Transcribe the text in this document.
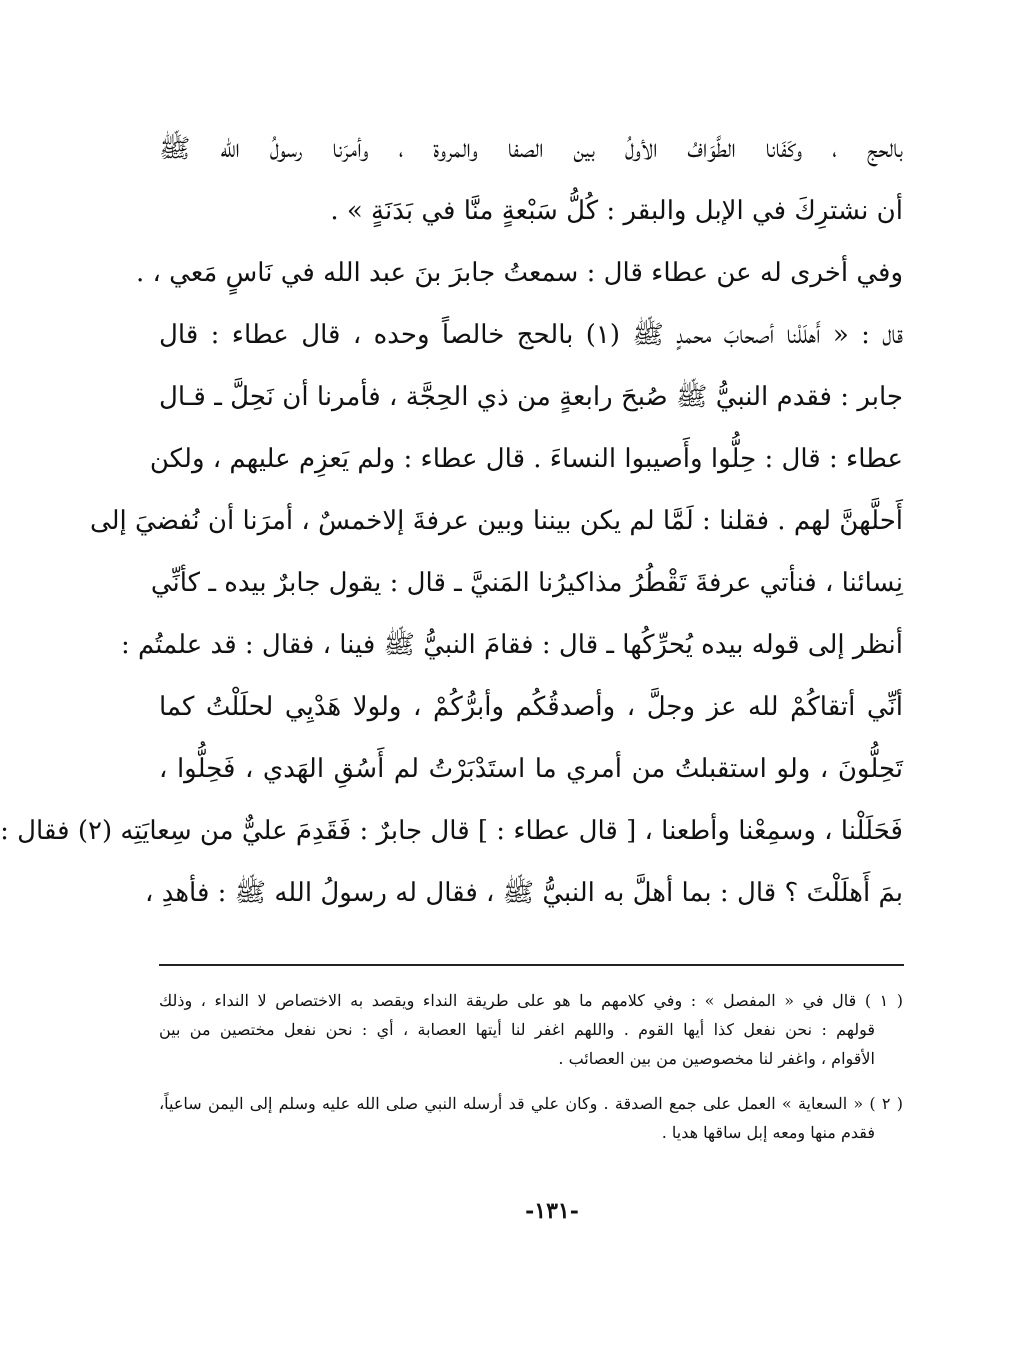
بالحج ، وكَفَانا الطَّوَافُ الأولُ بين الصفا والمروة ، وأمرَنا رسولُ الله ﷺ
أن نشترِكَ في الإبل والبقر : كُلُّ سَبْعةٍ منَّا في بَدَنَةٍ » .
وفي أخرى له عن عطاء قال : سمعتُ جابرَ بنَ عبد الله في نَاسٍ مَعي ، .
قال : « أَهلَلْنا أصحابَ محمدٍ ﷺ (١) بالحج خالصاً وحده ، قال عطاء : قال
جابر : فقدم النبيُّ ﷺ صُبحَ رابعةٍ من ذي الحِجَّة ، فأمرنا أن نَحِلَّ ـ قـال
عطاء : قال : حِلُّوا وأَصيبوا النساءَ . قال عطاء : ولم يَعزِم عليهم ، ولكن
أَحلَّهنَّ لهم . فقلنا : لَمَّا لم يكن بيننا وبين عرفةَ إلاخمسٌ ، أمرَنا أن نُفضيَ إلى
نِسائنا ، فنأتي عرفةَ تَقْطُرُ مذاكيرُنا المَنيَّ ـ قال : يقول جابرٌ بيده ـ كأنِّي
أنظر إلى قوله بيده يُحرِّكُها ـ قال : فقامَ النبيُّ ﷺ فينا ، فقال : قد علمتُم :
أنِّي أتقاكُمْ لله عز وجلَّ ، وأصدقُكُم وأبرُّكُمْ ، ولولا هَدْيِي لحلَلْتُ كما
تَحِلُّونَ ، ولو استقبلتُ من أمري ما استَدْبَرْتُ لم أَسُقِ الهَدي ، فَحِلُّوا ،
فَحَلَلْنا ، وسمِعْنا وأطعنا ، [ قال عطاء : ] قال جابرٌ : فَقَدِمَ عليٌّ من سِعايَتِه (٢) فقال :
بمَ أَهلَلْتَ ؟ قال : بما أهلَّ به النبيُّ ﷺ ، فقال له رسولُ الله ﷺ : فأهدِ ،
( ١ ) قال في « المفصل » : وفي كلامهم ما هو على طريقة النداء ويقصد به الاختصاص لا النداء ، وذلك
قولهم : نحن نفعل كذا أيها القوم . واللهم اغفر لنا أيتها العصابة ، أي : نحن نفعل مختصين من بين
الأقوام ، واغفر لنا مخصوصين من بين العصائب .
( ٢ ) « السعاية » العمل على جمع الصدقة . وكان علي قد أرسله النبي صلى الله عليه وسلم إلى اليمن ساعياً،
فقدم منها ومعه إبل ساقها هديا .
-١٣١-
